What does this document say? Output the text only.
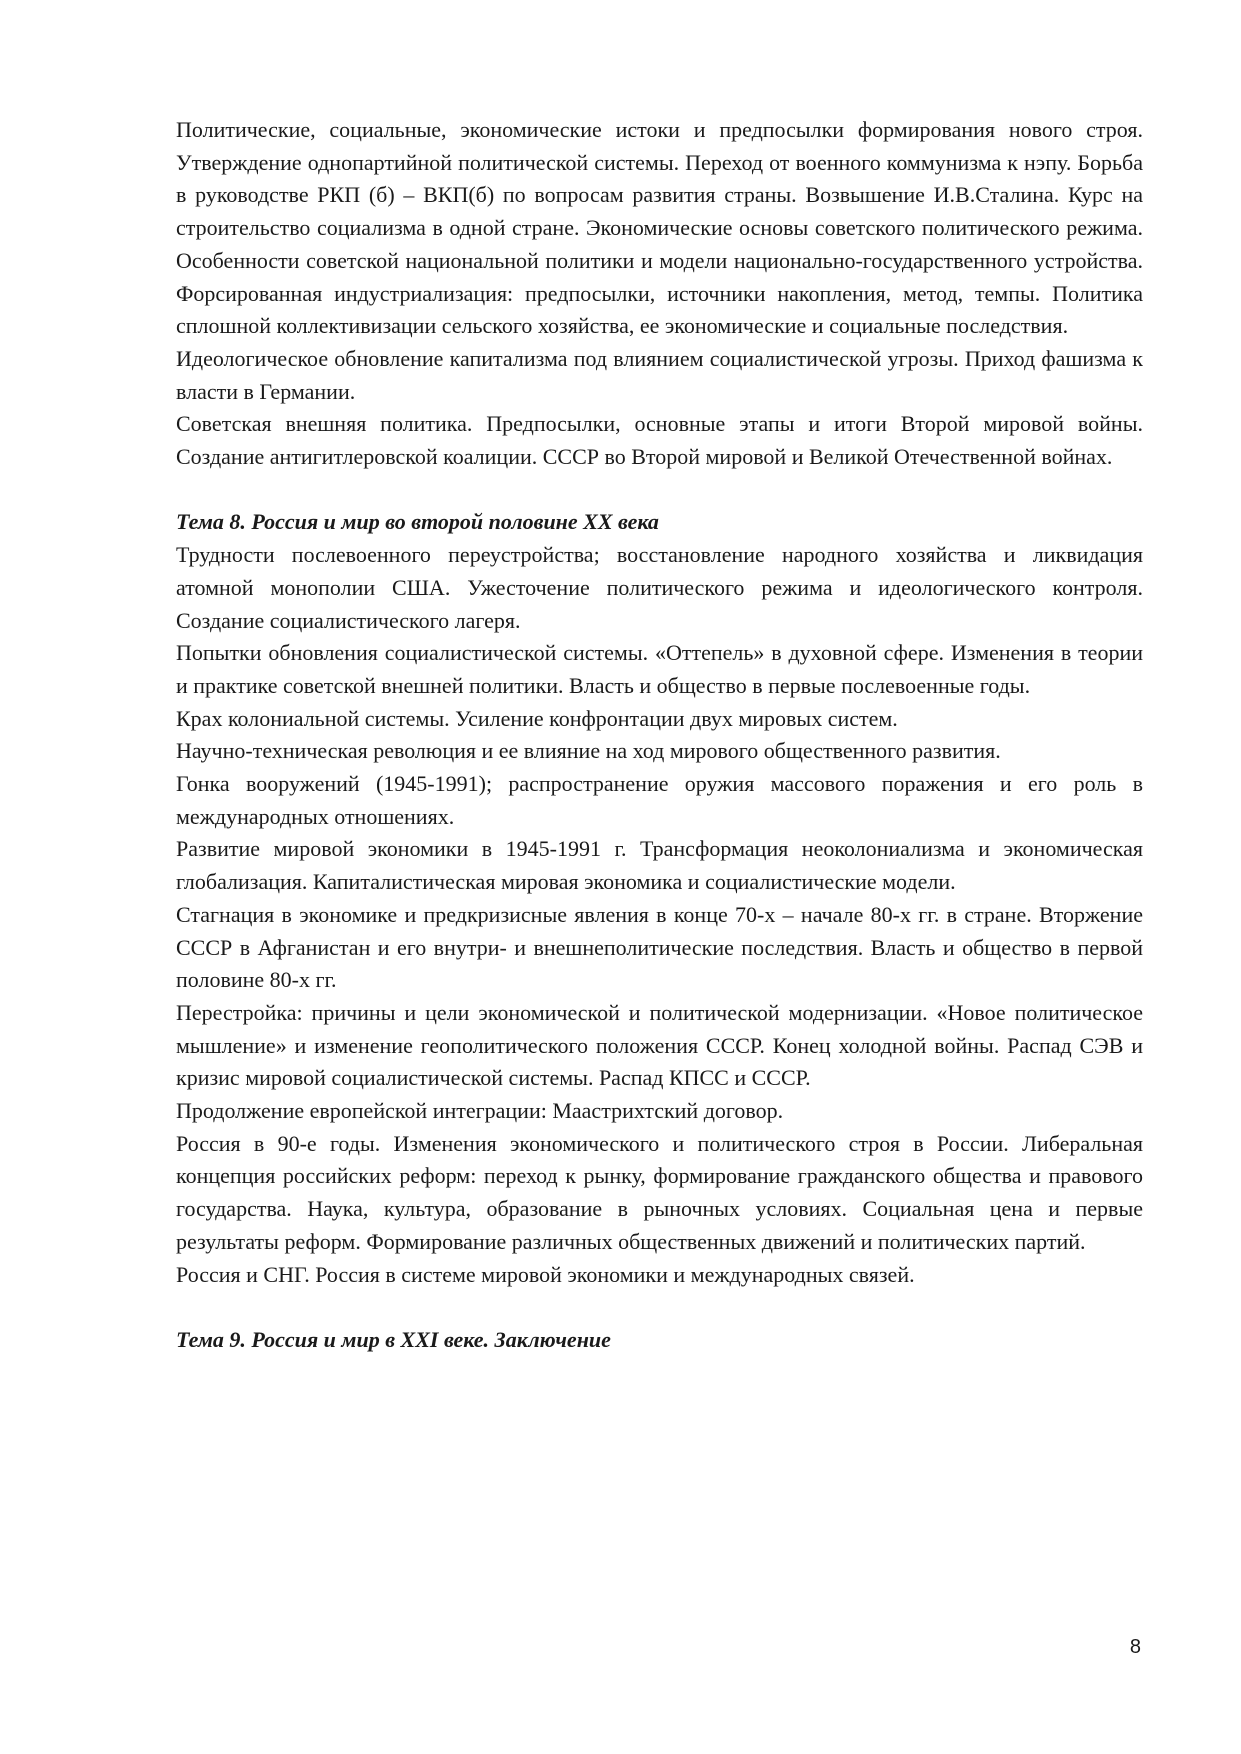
Политические, социальные, экономические истоки и предпосылки формирования нового строя. Утверждение однопартийной политической системы. Переход от военного коммунизма к нэпу. Борьба в руководстве РКП (б) – ВКП(б) по вопросам развития страны. Возвышение И.В.Сталина. Курс на строительство социализма в одной стране. Экономические основы советского политического режима. Особенности советской национальной политики и модели национально-государственного устройства. Форсированная индустриализация: предпосылки, источники накопления, метод, темпы. Политика сплошной коллективизации сельского хозяйства, ее экономические и социальные последствия.

Идеологическое обновление капитализма под влиянием социалистической угрозы. Приход фашизма к власти в Германии.

Советская внешняя политика. Предпосылки, основные этапы и итоги Второй мировой войны. Создание антигитлеровской коалиции. СССР во Второй мировой и Великой Отечественной войнах.

Тема 8. Россия и мир во второй половине XX века

Трудности послевоенного переустройства; восстановление народного хозяйства и ликвидация атомной монополии США. Ужесточение политического режима и идеологического контроля. Создание социалистического лагеря.

Попытки обновления социалистической системы. «Оттепель» в духовной сфере. Изменения в теории и практике советской внешней политики. Власть и общество в первые послевоенные годы.

Крах колониальной системы. Усиление конфронтации двух мировых систем.

Научно-техническая революция и ее влияние на ход мирового общественного развития.

Гонка вооружений (1945-1991); распространение оружия массового поражения и его роль в международных отношениях.

Развитие мировой экономики в 1945-1991 г. Трансформация неоколониализма и экономическая глобализация. Капиталистическая мировая экономика и социалистические модели.

Стагнация в экономике и предкризисные явления в конце 70-х – начале 80-х гг. в стране. Вторжение СССР в Афганистан и его внутри- и внешнеполитические последствия. Власть и общество в первой половине 80-х гг.

Перестройка: причины и цели экономической и политической модернизации. «Новое политическое мышление» и изменение геополитического положения СССР. Конец холодной войны. Распад СЭВ и кризис мировой социалистической системы. Распад КПСС и СССР.

Продолжение европейской интеграции: Маастрихтский договор.

Россия в 90-е годы. Изменения экономического и политического строя в России. Либеральная концепция российских реформ: переход к рынку, формирование гражданского общества и правового государства. Наука, культура, образование в рыночных условиях. Социальная цена и первые результаты реформ. Формирование различных общественных движений и политических партий.

Россия и СНГ. Россия в системе мировой экономики и международных связей.

Тема 9. Россия и мир в XXI веке. Заключение

8
